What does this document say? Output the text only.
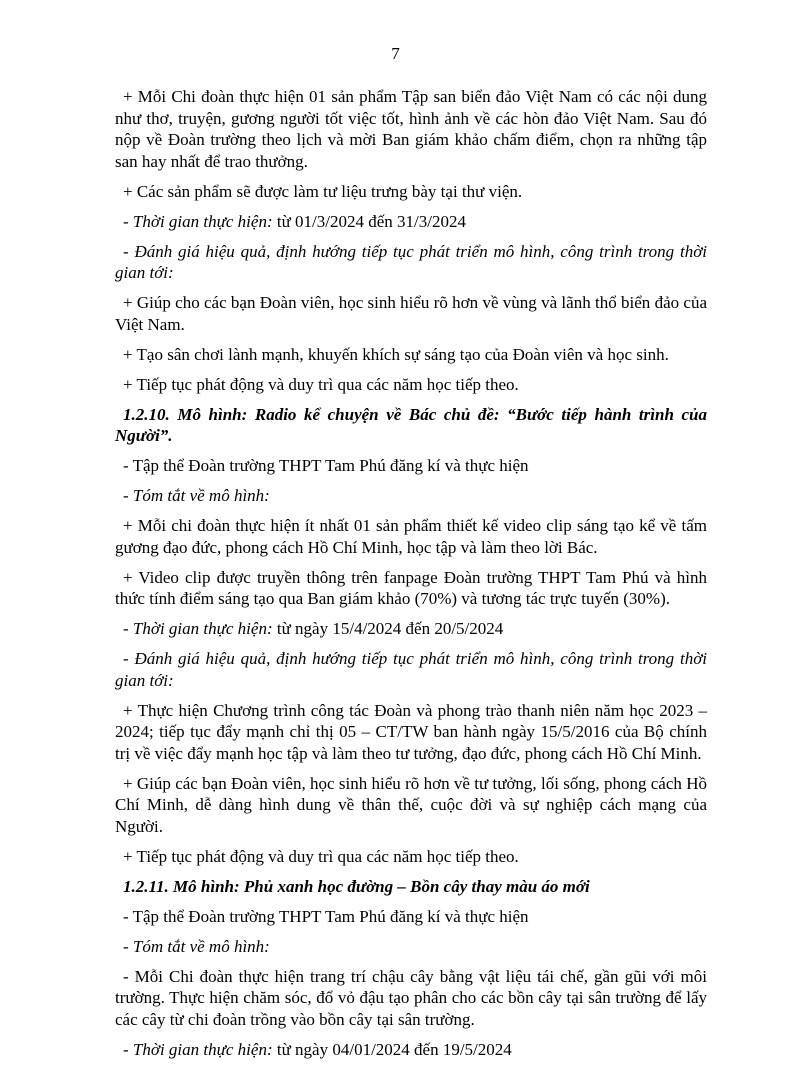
7

+ Mỗi Chi đoàn thực hiện 01 sản phẩm Tập san biển đảo Việt Nam có các nội dung như thơ, truyện, gương người tốt việc tốt, hình ảnh về các hòn đảo Việt Nam. Sau đó nộp về Đoàn trường theo lịch và mời Ban giám khảo chấm điểm, chọn ra những tập san hay nhất để trao thưởng.

+ Các sản phẩm sẽ được làm tư liệu trưng bày tại thư viện.

- Thời gian thực hiện: từ 01/3/2024 đến 31/3/2024

- Đánh giá hiệu quả, định hướng tiếp tục phát triển mô hình, công trình trong thời gian tới:

+ Giúp cho các bạn Đoàn viên, học sinh hiểu rõ hơn về vùng và lãnh thổ biển đảo của Việt Nam.

+ Tạo sân chơi lành mạnh, khuyến khích sự sáng tạo của Đoàn viên và học sinh.

+ Tiếp tục phát động và duy trì qua các năm học tiếp theo.

1.2.10. Mô hình: Radio kể chuyện về Bác chủ đề: “Bước tiếp hành trình của Người”.

- Tập thể Đoàn trường THPT Tam Phú đăng kí và thực hiện

- Tóm tắt về mô hình:

+ Mỗi chi đoàn thực hiện ít nhất 01 sản phẩm thiết kế video clip sáng tạo kể về tấm gương đạo đức, phong cách Hồ Chí Minh, học tập và làm theo lời Bác.

+ Video clip được truyền thông trên fanpage Đoàn trường THPT Tam Phú và hình thức tính điểm sáng tạo qua Ban giám khảo (70%) và tương tác trực tuyến (30%).

- Thời gian thực hiện: từ ngày 15/4/2024 đến 20/5/2024

- Đánh giá hiệu quả, định hướng tiếp tục phát triển mô hình, công trình trong thời gian tới:

+ Thực hiện Chương trình công tác Đoàn và phong trào thanh niên năm học 2023 – 2024; tiếp tục đẩy mạnh chỉ thị 05 – CT/TW ban hành ngày 15/5/2016 của Bộ chính trị về việc đẩy mạnh học tập và làm theo tư tưởng, đạo đức, phong cách Hồ Chí Minh.

+ Giúp các bạn Đoàn viên, học sinh hiểu rõ hơn về tư tưởng, lối sống, phong cách Hồ Chí Minh, dễ dàng hình dung về thân thế, cuộc đời và sự nghiệp cách mạng của Người.

+ Tiếp tục phát động và duy trì qua các năm học tiếp theo.

1.2.11. Mô hình: Phủ xanh học đường – Bồn cây thay màu áo mới

- Tập thể Đoàn trường THPT Tam Phú đăng kí và thực hiện

- Tóm tắt về mô hình:

- Mỗi Chi đoàn thực hiện trang trí chậu cây bằng vật liệu tái chế, gần gũi với môi trường. Thực hiện chăm sóc, đổ vỏ đậu tạo phân cho các bồn cây tại sân trường để lấy các cây từ chi đoàn trồng vào bồn cây tại sân trường.

- Thời gian thực hiện: từ ngày 04/01/2024 đến 19/5/2024
